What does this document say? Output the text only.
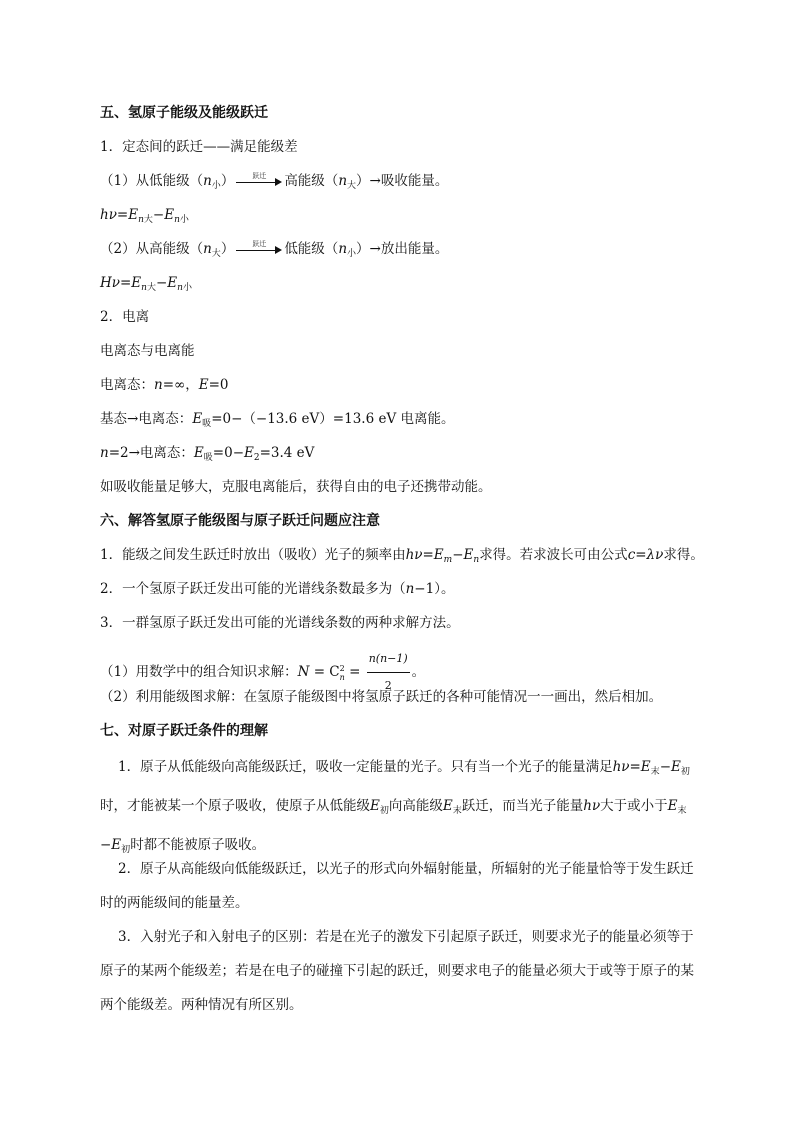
五、氢原子能级及能级跃迁
1．定态间的跃迁——满足能级差
（1）从低能级$(n_小)$	跃迁	高能级$(n_大)\to$吸收能量。
$h\nu=E_{n大}-E_{n小}$
（2）从高能级$(n_大)$	跃迁	低能级$(n_小)\to$放出能量。
$H\nu=E_{n大}-E_{n小}$
2．电离
电离态与电离能
电离态：n=∞，E=0
基态→电离态：$E_吸=0-(-13.6$ eV）=13.6 eV 电离能。
n=2→电离态：$E_吸=0-E_2=3.4$ eV
如吸收能量足够大，克服电离能后，获得自由的电子还携带动能。
六、解答氢原子能级图与原子跃迁问题应注意
1．能级之间发生跃迁时放出（吸收）光子的频率由$h\nu=E_m-E_n$求得。若求波长可由公式c=λν求得。
2．一个氢原子跃迁发出可能的光谱线条数最多为（n−1）。
3．一群氢原子跃迁发出可能的光谱线条数的两种求解方法。
（1）用数学中的组合知识求解：N = C 2
$n = \frac{n(n-1)}{2}$ 。
（2）利用能级图求解：在氢原子能级图中将氢原子跃迁的各种可能情况一一画出，然后相加。
七、对原子跃迁条件的理解
1．原子从低能级向高能级跃迁，吸收一定能量的光子。只有当一个光子的能量满足$h\nu=E_末-E_初$时，才能被某一个原子吸收，使原子从低能级$E_初$向高能级$E_末$跃迁，而当光子能量hν大于或小于$E_末-E_初$时都不能被原子吸收。
2．原子从高能级向低能级跃迁，以光子的形式向外辐射能量，所辐射的光子能量恰等于发生跃迁时的两能级间的能量差。
3．入射光子和入射电子的区别：若是在光子的激发下引起原子跃迁，则要求光子的能量必须等于原子的某两个能级差；若是在电子的碰撞下引起的跃迁，则要求电子的能量必须大于或等于原子的某两个能级差。两种情况有所区别。
